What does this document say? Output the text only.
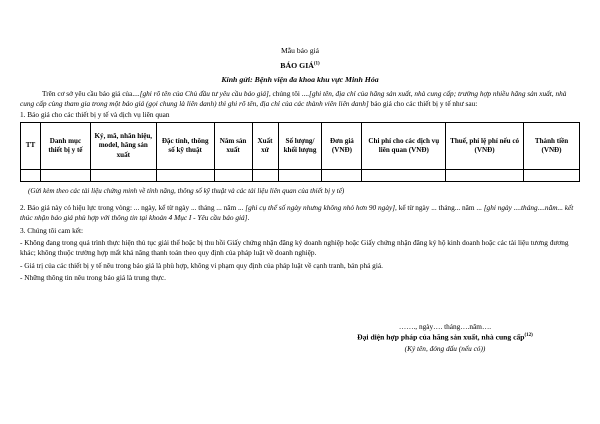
Mẫu báo giá
BÁO GIÁ$^{(1)}$
Kính gửi: Bệnh viện đa khoa khu vực Minh Hóa

Trên cơ sở yêu cầu báo giá của....[ghi rõ tên của Chủ đầu tư yêu cầu báo giá], chúng tôi ....[ghi tên, địa chỉ của hãng sản xuất, nhà cung cấp; trường hợp nhiều hãng sản xuất, nhà cung cấp cùng tham gia trong một báo giá (gọi chung là liên danh) thì ghi rõ tên, địa chỉ của các thành viên liên danh] báo giá cho các thiết bị y tế như sau:

1. Báo giá cho các thiết bị y tế và dịch vụ liên quan

TT	Danh mục thiết bị y tế	Ký, mã, nhãn hiệu, model, hãng sản xuất	Đặc tính, thông số kỹ thuật	Năm sản xuất	Xuất xứ	Số lượng/ khối lượng	Đơn giá (VNĐ)	Chi phí cho các dịch vụ liên quan (VNĐ)	Thuế, phí lệ phí nếu có (VNĐ)	Thành tiền (VNĐ)

(Gửi kèm theo các tài liệu chứng minh về tính năng, thông số kỹ thuật và các tài liệu liên quan của thiết bị y tế)

2. Báo giá này có hiệu lực trong vòng: ... ngày, kể từ ngày ... tháng ... năm ... [ghi cụ thể số ngày nhưng không nhỏ hơn 90 ngày], kể từ ngày ... tháng... năm ... [ghi ngày ....tháng....năm... kết thúc nhận báo giá phù hợp với thông tin tại khoản 4 Mục I - Yêu cầu báo giá].

3. Chúng tôi cam kết:

- Không đang trong quá trình thực hiện thủ tục giải thể hoặc bị thu hồi Giấy chứng nhận đăng ký doanh nghiệp hoặc Giấy chứng nhận đăng ký hộ kinh doanh hoặc các tài liệu tương đương khác; không thuộc trường hợp mất khả năng thanh toán theo quy định của pháp luật về doanh nghiệp.

- Giá trị của các thiết bị y tế nêu trong báo giá là phù hợp, không vi phạm quy định của pháp luật về cạnh tranh, bán phá giá.

- Những thông tin nêu trong báo giá là trung thực.

……., ngày…. tháng….năm….
Đại diện hợp pháp của hãng sản xuất, nhà cung cấp$^{(12)}$
(Ký tên, đóng dấu (nếu có))
